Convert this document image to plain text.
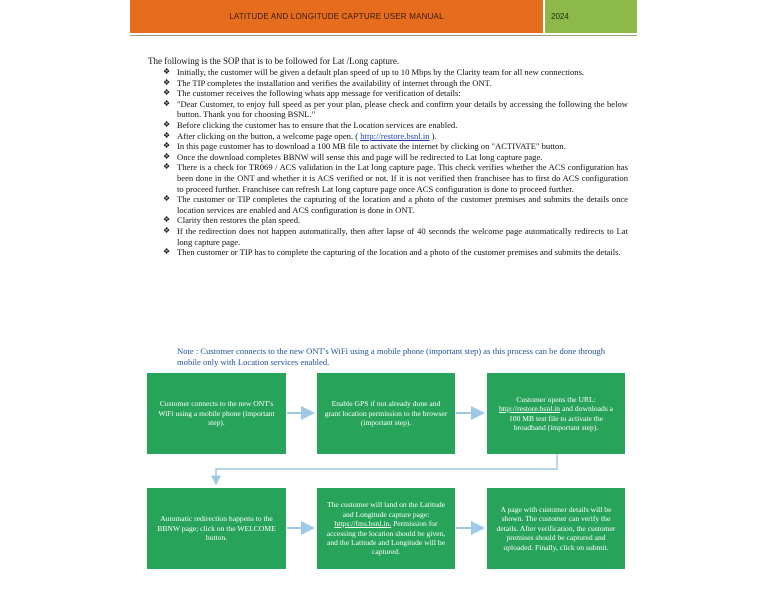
LATITUDE AND LONGITUDE CAPTURE USER MANUAL	2024
The following is the SOP that is to be followed for Lat /Long capture.
❖ Initially, the customer will be given a default plan speed of up to 10 Mbps by the Clarity team for all new connections.
❖ The TIP completes the installation and verifies the availability of internet through the ONT.
❖ The customer receives the following whats app message for verification of details:
❖ "Dear Customer, to enjoy full speed as per your plan, please check and confirm your details by accessing the following the below button. Thank you for choosing BSNL."
❖ Before clicking the customer has to ensure that the Location services are enabled.
❖ After clicking on the button, a welcome page open. ( http://restore.bsnl.in ).
❖ In this page customer has to download a 100 MB file to activate the internet by clicking on "ACTIVATE" button.
❖ Once the download completes BBNW will sense this and page will be redirected to Lat long capture page.
❖ There is a check for TR069 / ACS validation in the Lat long capture page. This check verifies whether the ACS configuration has been done in the ONT and whether it is ACS verified or not. If it is not verified then franchisee has to first do ACS configuration to proceed further. Franchisee can refresh Lat long capture page once ACS configuration is done to proceed further.
❖ The customer or TIP completes the capturing of the location and a photo of the customer premises and submits the details once location services are enabled and ACS configuration is done in ONT.
❖ Clarity then restores the plan speed.
❖ If the redirection does not happen automatically, then after lapse of 40 seconds the welcome page automatically redirects to Lat long capture page.
❖ Then customer or TIP has to complete the capturing of the location and a photo of the customer premises and submits the details.
Note : Customer connects to the new ONT's WiFi using a mobile phone (important step) as this process can be done through mobile only with Location services enabled.
Customer connects to the new ONT's WiFi using a mobile phone (important step).
Enable GPS if not already done and grant location permission to the browser (important step).
Customer opens the URL: http://restore.bsnl.in and downloads a 100 MB test file to activate the broadband (important step).
Automatic redirection happens to the BBNW page; click on the WELCOME button.
The customer will land on the Latitude and Longitude capture page: https://fms.bsnl.in. Permission for accessing the location should be given, and the Latitude and Longitude will be captured.
A page with customer details will be shown. The customer can verify the details. After verification, the customer premises should be captured and uploaded. Finally, click on submit.
